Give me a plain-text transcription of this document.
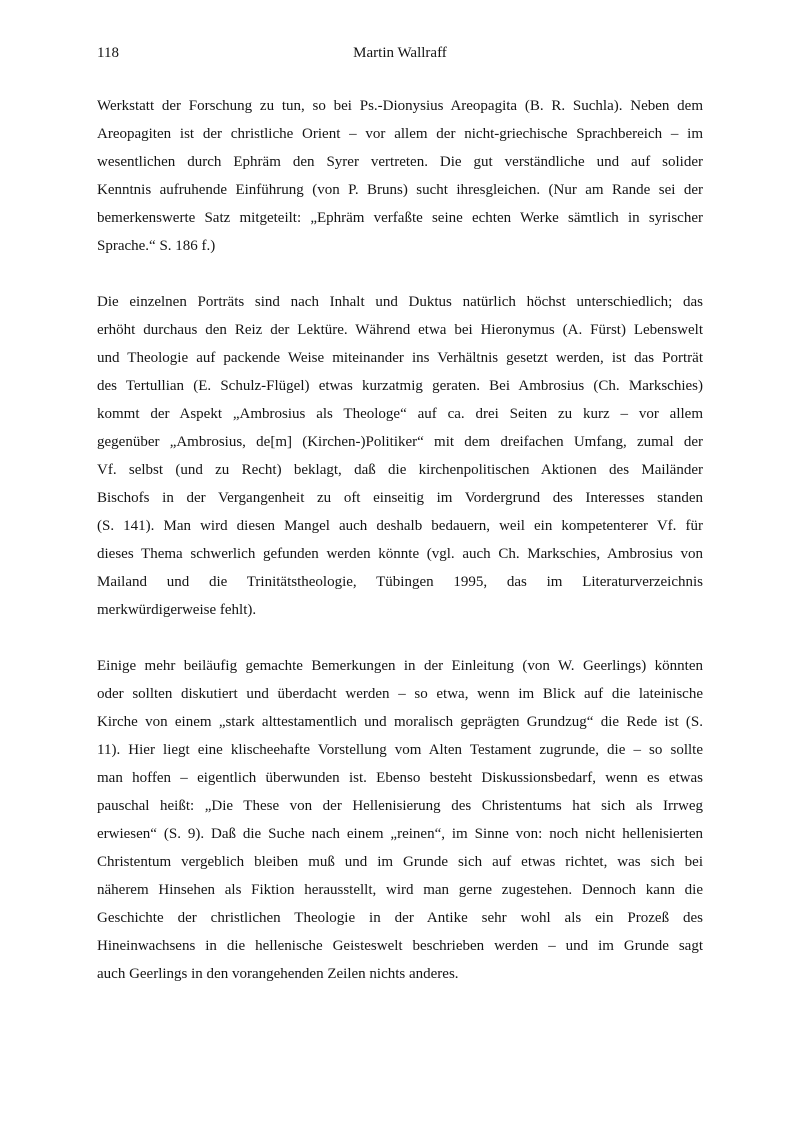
118	Martin Wallraff
Werkstatt der Forschung zu tun, so bei Ps.-Dionysius Areopagita (B. R. Suchla). Neben dem
Areopagiten ist der christliche Orient – vor allem der nicht-griechische Sprachbereich – im
wesentlichen durch Ephräm den Syrer vertreten. Die gut verständliche und auf solider
Kenntnis aufruhende Einführung (von P. Bruns) sucht ihresgleichen. (Nur am Rande sei der
bemerkenswerte Satz mitgeteilt: „Ephräm verfaßte seine echten Werke sämtlich in syrischer
Sprache.“ S. 186 f.)
Die einzelnen Porträts sind nach Inhalt und Duktus natürlich höchst unterschiedlich; das
erhöht durchaus den Reiz der Lektüre. Während etwa bei Hieronymus (A. Fürst) Lebenswelt
und Theologie auf packende Weise miteinander ins Verhältnis gesetzt werden, ist das Porträt
des Tertullian (E. Schulz-Flügel) etwas kurzatmig geraten. Bei Ambrosius (Ch. Markschies)
kommt der Aspekt „Ambrosius als Theologe“ auf ca. drei Seiten zu kurz – vor allem
gegenüber „Ambrosius, de[m] (Kirchen-)Politiker“ mit dem dreifachen Umfang, zumal der
Vf. selbst (und zu Recht) beklagt, daß die kirchenpolitischen Aktionen des Mailänder
Bischofs in der Vergangenheit zu oft einseitig im Vordergrund des Interesses standen
(S. 141). Man wird diesen Mangel auch deshalb bedauern, weil ein kompetenterer Vf. für
dieses Thema schwerlich gefunden werden könnte (vgl. auch Ch. Markschies, Ambrosius von
Mailand und die Trinitätstheologie, Tübingen 1995, das im Literaturverzeichnis
merkwürdigerweise fehlt).
Einige mehr beiläufig gemachte Bemerkungen in der Einleitung (von W. Geerlings) könnten
oder sollten diskutiert und überdacht werden – so etwa, wenn im Blick auf die lateinische
Kirche von einem „stark alttestamentlich und moralisch geprägten Grundzug“ die Rede ist (S.
11). Hier liegt eine klischeehafte Vorstellung vom Alten Testament zugrunde, die – so sollte
man hoffen – eigentlich überwunden ist. Ebenso besteht Diskussionsbedarf, wenn es etwas
pauschal heißt: „Die These von der Hellenisierung des Christentums hat sich als Irrweg
erwiesen“ (S. 9). Daß die Suche nach einem „reinen“, im Sinne von: noch nicht hellenisierten
Christentum vergeblich bleiben muß und im Grunde sich auf etwas richtet, was sich bei
näherem Hinsehen als Fiktion herausstellt, wird man gerne zugestehen. Dennoch kann die
Geschichte der christlichen Theologie in der Antike sehr wohl als ein Prozeß des
Hineinwachsens in die hellenische Geisteswelt beschrieben werden – und im Grunde sagt
auch Geerlings in den vorangehenden Zeilen nichts anderes.
